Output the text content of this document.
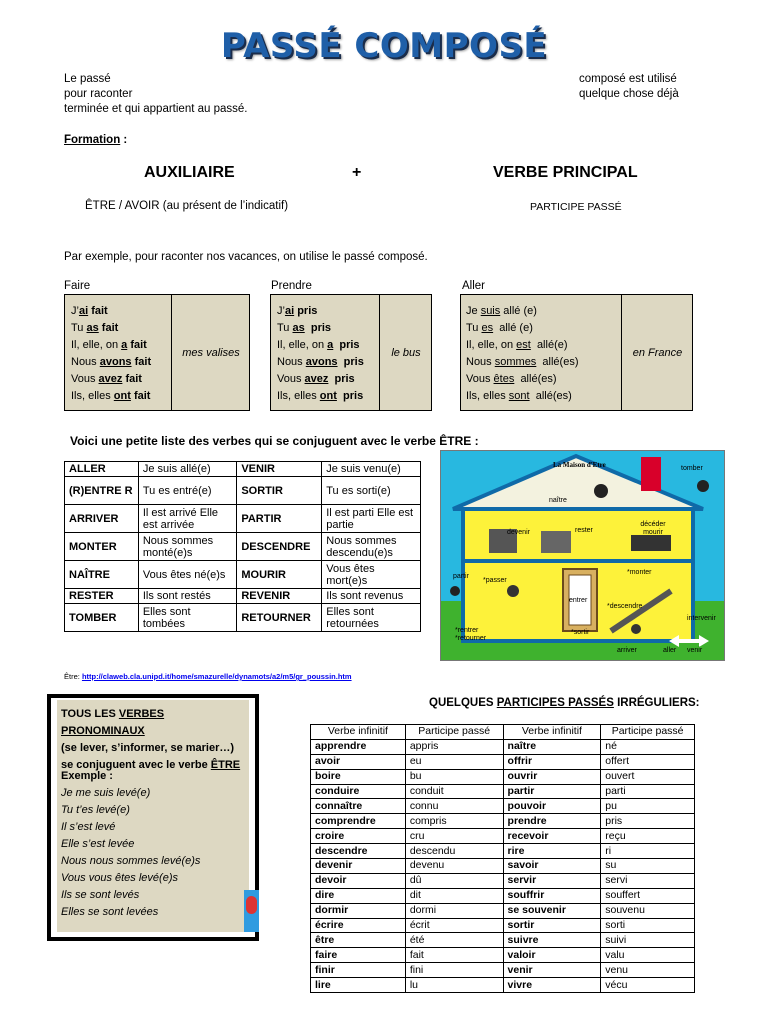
PASSÉ COMPOSÉ
Le passé
pour raconter
terminée et qui appartient au passé.
composé est utilisé
quelque chose déjà
Formation :
AUXILIAIRE	+	VERBE PRINCIPAL
ÊTRE / AVOIR (au présent de l’indicatif)	PARTICIPE PASSÉ
Par exemple, pour raconter nos vacances, on utilise le passé composé.
Faire	Prendre	Aller
J’ai fait
Tu as fait
Il, elle, on a fait
Nous avons fait
Vous avez fait
Ils, elles ont fait
mes valises
J’ai pris
Tu as  pris
Il, elle, on a  pris
Nous avons  pris
Vous avez  pris
Ils, elles ont  pris
le bus
Je suis allé (e)
Tu es  allé (e)
Il, elle, on est  allé(e)
Nous sommes  allé(es)
Vous êtes  allé(es)
Ils, elles sont  allé(es)
en France
Voici une petite liste des verbes qui se conjuguent avec le verbe ÊTRE :
ALLER	Je suis allé(e)	VENIR	Je suis venu(e)
(R)ENTRE R	Tu es entré(e)	SORTIR	Tu es sorti(e)
ARRIVER	Il est arrivé Elle est arrivée	PARTIR	Il est parti Elle est partie
MONTER	Nous sommes monté(e)s	DESCENDRE	Nous sommes descendu(e)s
NAÎTRE	Vous êtes né(e)s	MOURIR	Vous êtes mort(e)s
RESTER	Ils sont restés	REVENIR	Ils sont revenus
TOMBER	Elles sont tombées	RETOURNER	Elles sont retournées
La Maison d'Etre	tomber
naître
devenir	rester
décéder mourir
partir
*passer
entrer
*monter
*descendre
intervenir
*rentrer *retourner
*sortir
arriver	aller venir
Être: http://claweb.cla.unipd.it/home/smazurelle/dynamots/a2/m5/gr_poussin.htm
TOUS LES VERBES PRONOMINAUX
(se lever, s’informer, se marier…)
se conjuguent avec le verbe ÊTRE
Exemple :
Je me suis levé(e)
Tu t’es levé(e)
Il s’est levé
Elle s’est levée
Nous nous sommes levé(e)s
Vous vous êtes levé(e)s
Ils se sont levés
Elles se sont levées
QUELQUES PARTICIPES PASSÉS IRRÉGULIERS:
Verbe infinitif	Participe passé	Verbe infinitif	Participe passé
apprendre	appris	naître	né
avoir	eu	offrir	offert
boire	bu	ouvrir	ouvert
conduire	conduit	partir	parti
connaître	connu	pouvoir	pu
comprendre	compris	prendre	pris
croire	cru	recevoir	reçu
descendre	descendu	rire	ri
devenir	devenu	savoir	su
devoir	dû	servir	servi
dire	dit	souffrir	souffert
dormir	dormi	se souvenir	souvenu
écrire	écrit	sortir	sorti
être	été	suivre	suivi
faire	fait	valoir	valu
finir	fini	venir	venu
lire	lu	vivre	vécu
